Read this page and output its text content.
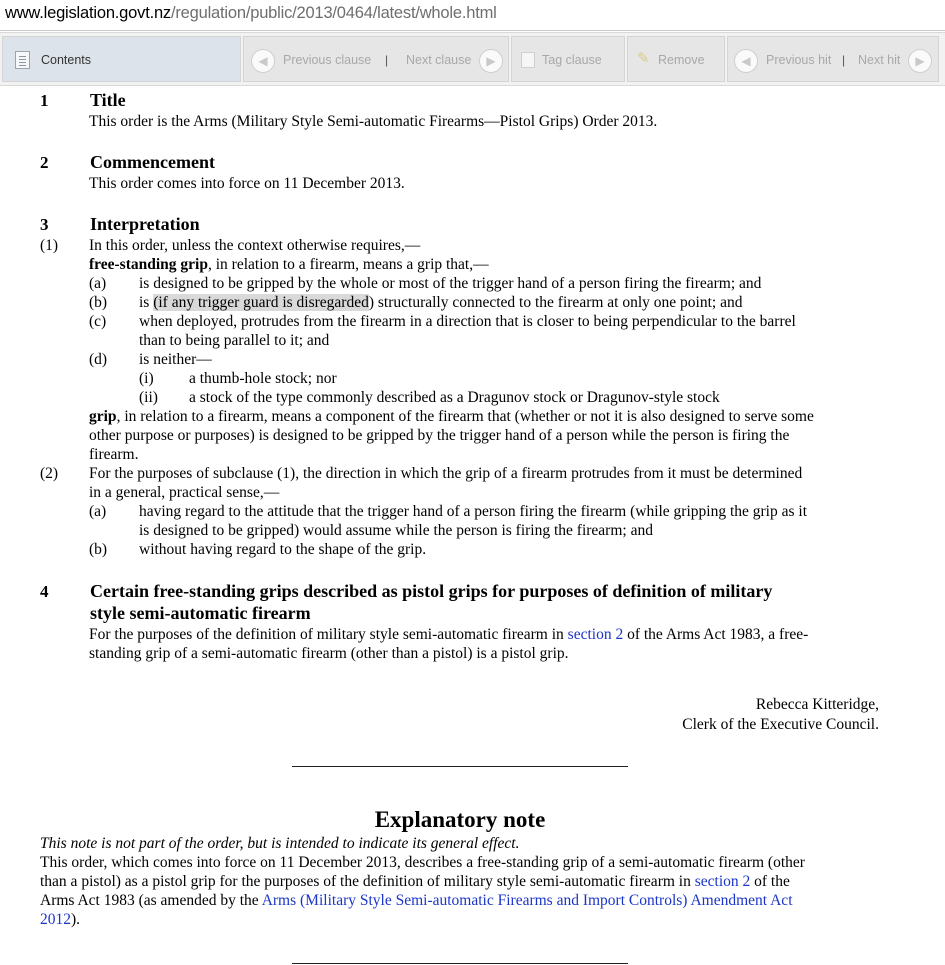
www.legislation.govt.nz/regulation/public/2013/0464/latest/whole.html
Contents	◀	Previous clause | Next clause	▶	Tag clause ✎ Remove	◀	Previous hit | Next hit	▶
1 Title
This order is the Arms (Military Style Semi-automatic Firearms—Pistol Grips) Order 2013.
2 Commencement
This order comes into force on 11 December 2013.
3 Interpretation
(1) In this order, unless the context otherwise requires,—
free-standing grip, in relation to a firearm, means a grip that,—
(a) is designed to be gripped by the whole or most of the trigger hand of a person firing the firearm; and
(b) is (if any trigger guard is disregarded) structurally connected to the firearm at only one point; and
(c) when deployed, protrudes from the firearm in a direction that is closer to being perpendicular to the barrel
than to being parallel to it; and
(d) is neither—
(i) a thumb-hole stock; nor
(ii) a stock of the type commonly described as a Dragunov stock or Dragunov-style stock
grip, in relation to a firearm, means a component of the firearm that (whether or not it is also designed to serve some
other purpose or purposes) is designed to be gripped by the trigger hand of a person while the person is firing the
firearm.
(2) For the purposes of subclause (1), the direction in which the grip of a firearm protrudes from it must be determined
in a general, practical sense,—
(a) having regard to the attitude that the trigger hand of a person firing the firearm (while gripping the grip as it
is designed to be gripped) would assume while the person is firing the firearm; and
(b) without having regard to the shape of the grip.
4 Certain free-standing grips described as pistol grips for purposes of definition of military
style semi-automatic firearm
For the purposes of the definition of military style semi-automatic firearm in section 2 of the Arms Act 1983, a free-
standing grip of a semi-automatic firearm (other than a pistol) is a pistol grip.
Rebecca Kitteridge,
Clerk of the Executive Council.
Explanatory note
This note is not part of the order, but is intended to indicate its general effect.
This order, which comes into force on 11 December 2013, describes a free-standing grip of a semi-automatic firearm (other
than a pistol) as a pistol grip for the purposes of the definition of military style semi-automatic firearm in section 2 of the
Arms Act 1983 (as amended by the Arms (Military Style Semi-automatic Firearms and Import Controls) Amendment Act
2012).
